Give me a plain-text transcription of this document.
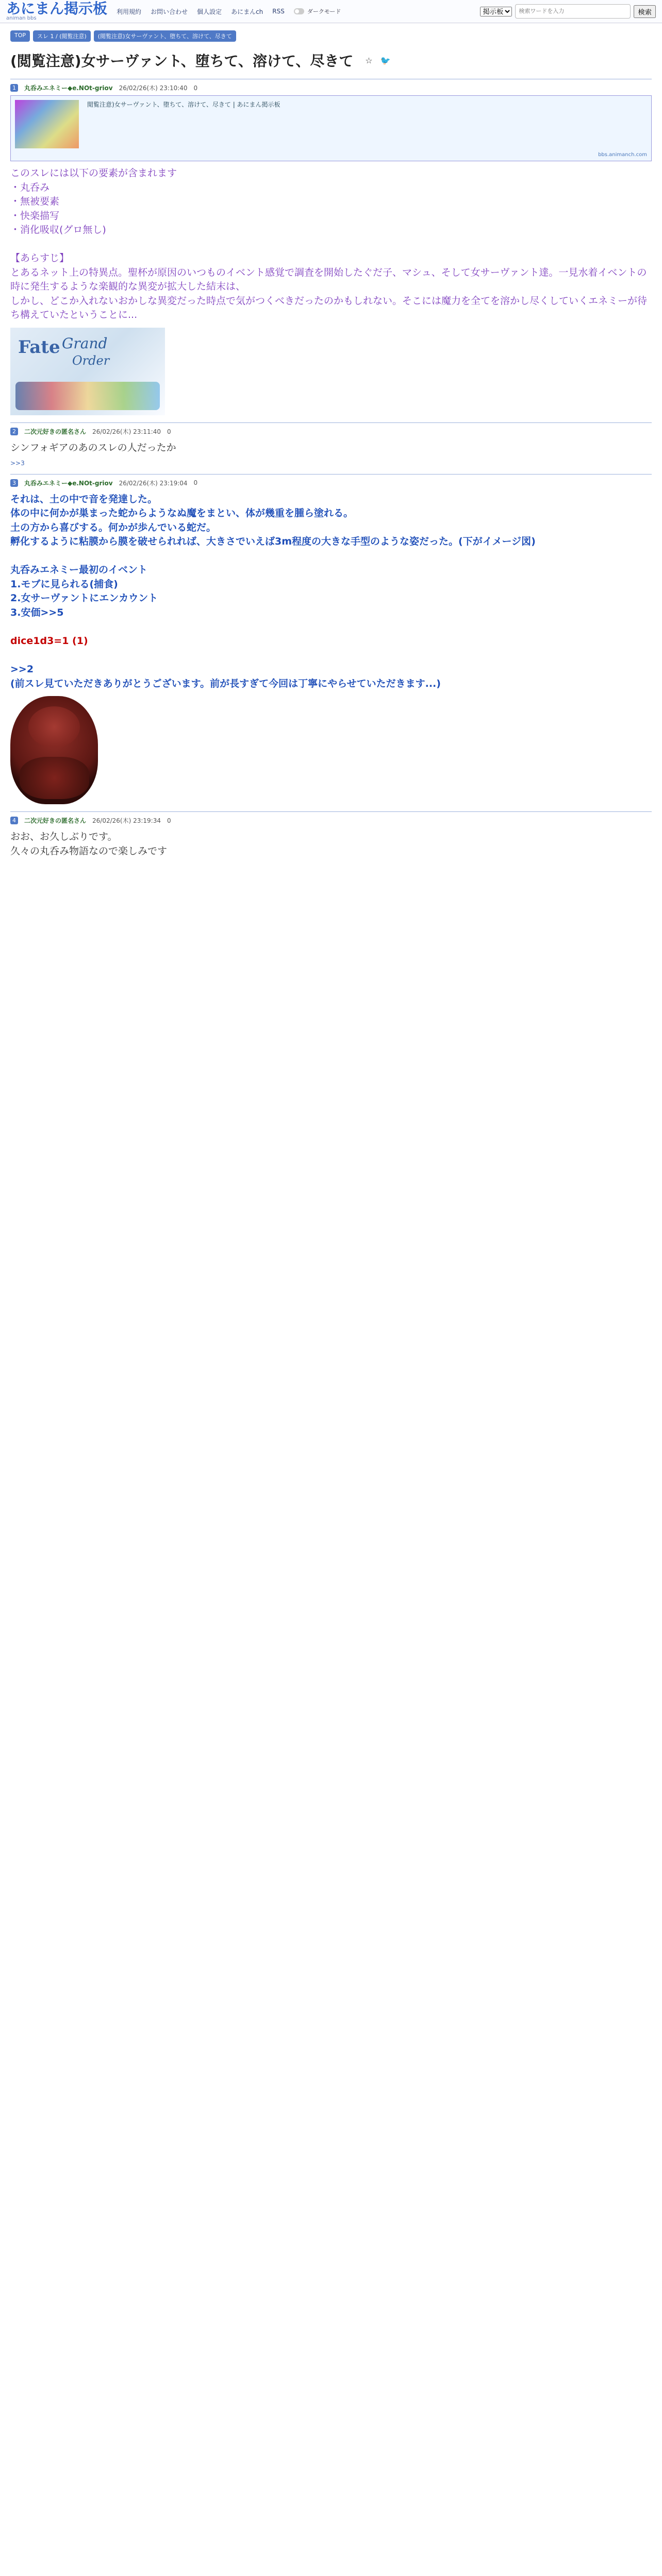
あにまん掲示板
animan bbs
利用規約 お問い合わせ 個人設定 あにまんch RSS	ダークモード
掲示板
検索ワードを入力	検索
TOP	スレ 1 / (閲覧注意)	(閲覧注意)女サーヴァント、堕ちて、溶けて、尽きて
(閲覧注意)女サーヴァント、堕ちて、溶けて、尽きて	☆ 🐦
1	丸呑みエネミー◆e.NOt-griov 26/02/26(木) 23:10:40 0
閲覧注意)女サーヴァント、堕ちて、溶けて、尽きて | あにまん掲示板
bbs.animanch.com
このスレには以下の要素が含まれます
・丸呑み
・無被要素
・快楽描写
・消化吸収(グロ無し)

【あらすじ】
とあるネット上の特異点。聖杯が原因のいつものイベント感覚で調査を開始したぐだ子、マシュ、そして女サーヴァント達。一見水着イベントの時に発生するような楽観的な異変が拡大した結末は、
しかし、どこか入れないおかしな異変だった時点で気がつくべきだったのかもしれない。そこには魔力を全てを溶かし尽くしていくエネミーが待ち構えていたということに...
Fate Grand
Order
2	二次元好きの匿名さん 26/02/26(木) 23:11:40 0
シンフォギアのあのスレの人だったか
>>3
3	丸呑みエネミー◆e.NOt-griov 26/02/26(木) 23:19:04 0
それは、土の中で音を発達した。
体の中に何かが巣まった蛇からようなぬ魔をまとい、体が幾重を腫ら塗れる。
土の方から喜びする。何かが歩んでいる蛇だ。
孵化するように粘膜から膜を破せられれば、大きさでいえば3m程度の大きな手型のような姿だった。(下がイメージ図)

丸呑みエネミー最初のイベント
1.モブに見られる(捕食)
2.女サーヴァントにエンカウント
3.安価>>5

dice1d3=1 (1)

>>2
(前スレ見ていただきありがとうございます。前が長すぎて今回は丁寧にやらせていただきます...)
4	二次元好きの匿名さん 26/02/26(木) 23:19:34 0
おお、お久しぶりです。
久々の丸呑み物語なので楽しみです
